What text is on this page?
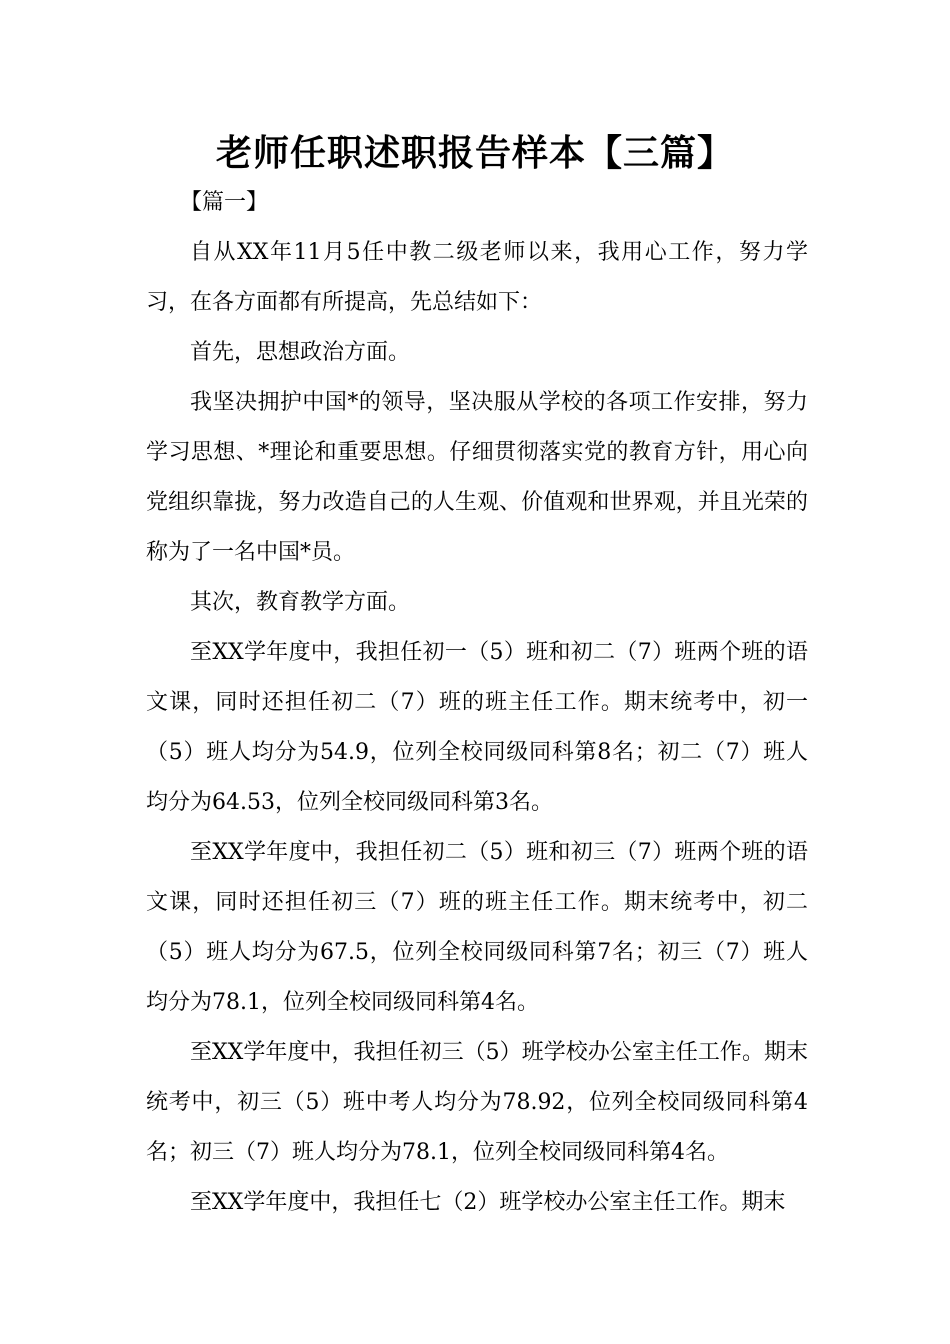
老师任职述职报告样本【三篇】

【篇一】

自从XX年11月5任中教二级老师以来，我用心工作，努力学习，在各方面都有所提高，先总结如下：

首先，思想政治方面。

我坚决拥护中国*的领导，坚决服从学校的各项工作安排，努力学习思想、*理论和重要思想。仔细贯彻落实党的教育方针，用心向党组织靠拢，努力改造自己的人生观、价值观和世界观，并且光荣的称为了一名中国*员。

其次，教育教学方面。

至XX学年度中，我担任初一（5）班和初二（7）班两个班的语文课，同时还担任初二（7）班的班主任工作。期末统考中，初一（5）班人均分为54.9，位列全校同级同科第8名；初二（7）班人均分为64.53，位列全校同级同科第3名。

至XX学年度中，我担任初二（5）班和初三（7）班两个班的语文课，同时还担任初三（7）班的班主任工作。期末统考中，初二（5）班人均分为67.5，位列全校同级同科第7名；初三（7）班人均分为78.1，位列全校同级同科第4名。

至XX学年度中，我担任初三（5）班学校办公室主任工作。期末统考中，初三（5）班中考人均分为78.92，位列全校同级同科第4名；初三（7）班人均分为78.1，位列全校同级同科第4名。

至XX学年度中，我担任七（2）班学校办公室主任工作。期末
